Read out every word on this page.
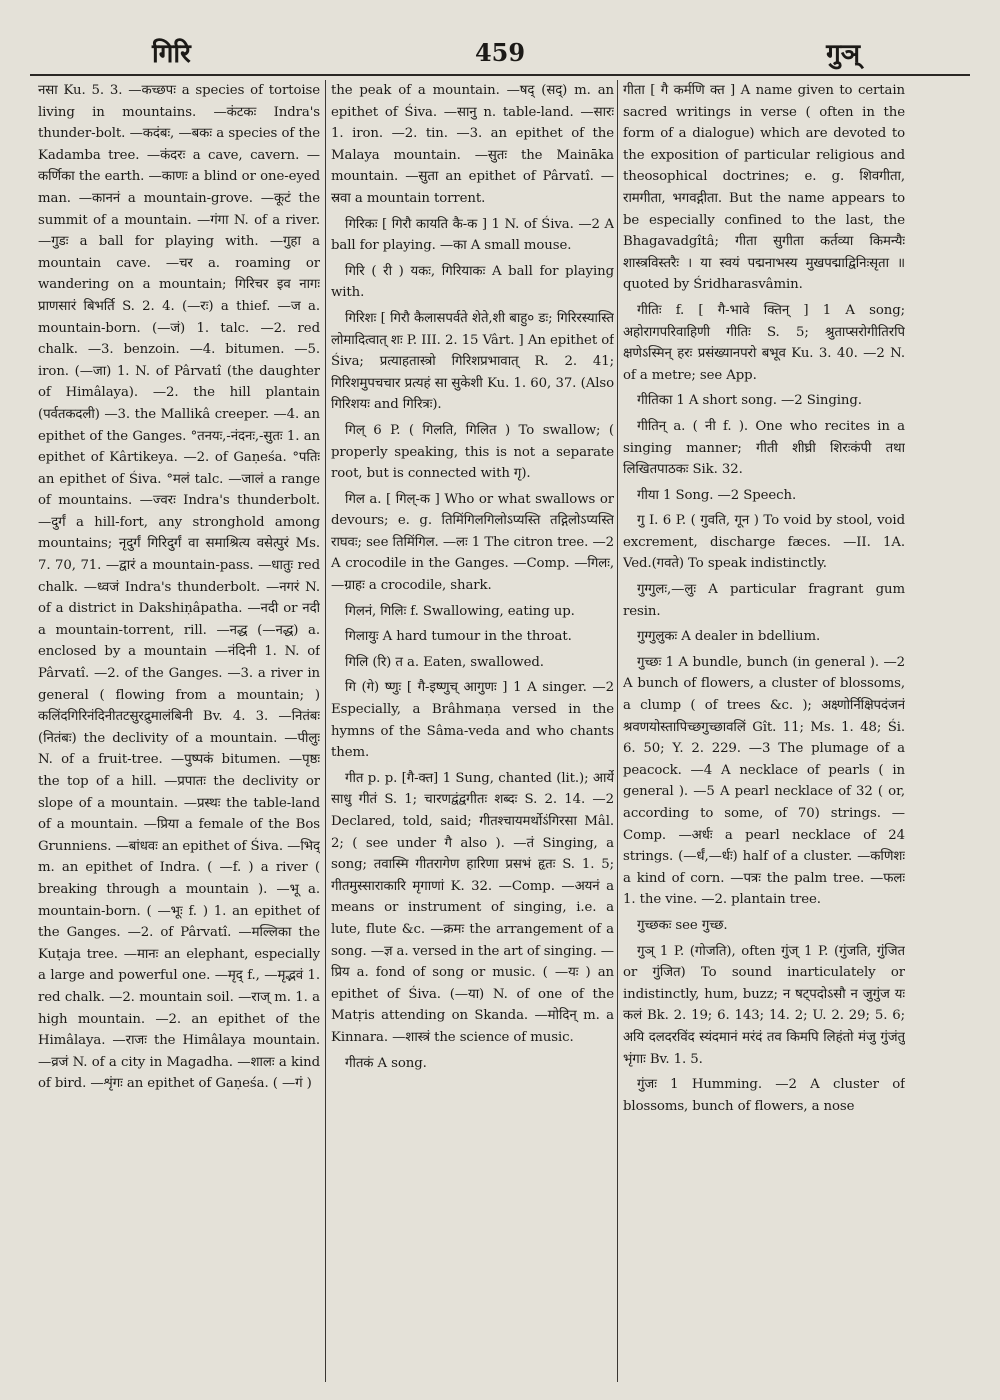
गिरि	459	गुञ्

नसा Ku. 5. 3. —कच्छपः a species of tortoise living in mountains. —कंटकः Indra's thunder-bolt. —कदंबः, —बकः a species of the Kadamba tree. —कंदरः a cave, cavern. —कर्णिका the earth. —काणः a blind or one-eyed man. —काननं a mountain-grove. —कूटं the summit of a mountain. —गंगा N. of a river. —गुडः a ball for playing with. —गुहा a mountain cave. —चर a. roaming or wandering on a mountain; गिरिचर इव नागः प्राणसारं बिभर्ति S. 2. 4. (—रः) a thief. —ज a. mountain-born. (—जं) 1. talc. —2. red chalk. —3. benzoin. —4. bitumen. —5. iron. (—जा) 1. N. of Pârvatî (the daughter of Himâlaya). —2. the hill plantain (पर्वतकदली) —3. the Mallikâ creeper. —4. an epithet of the Ganges. °तनयः,-नंदनः,-सुतः 1. an epithet of Kârtikeya. —2. of Gaṇeśa. °पतिः an epithet of Śiva. °मलं talc. —जालं a range of mountains. —ज्वरः Indra's thunderbolt. —दुर्गं a hill-fort, any stronghold among mountains; नृदुर्गं गिरिदुर्गं वा समाश्रित्य वसेत्पुरं Ms. 7. 70, 71. —द्वारं a mountain-pass. —धातुः red chalk. —ध्वजं Indra's thunderbolt. —नगरं N. of a district in Dakshiṇâpatha. —नदी or नदी a mountain-torrent, rill. —नद्ध (—नद्ध) a. enclosed by a mountain —नंदिनी 1. N. of Pârvatî. —2. of the Ganges. —3. a river in general ( flowing from a mountain; ) कलिंदगिरिनंदिनीतटसुरद्रुमालंबिनी Bv. 4. 3. —नितंबः (नितंबः) the declivity of a mountain. —पीलुः N. of a fruit-tree. —पुष्पकं bitumen. —पृष्ठः the top of a hill. —प्रपातः the declivity or slope of a mountain. —प्रस्थः the table-land of a mountain. —प्रिया a female of the Bos Grunniens. —बांधवः an epithet of Śiva. —भिद् m. an epithet of Indra. ( —f. ) a river ( breaking through a mountain ). —भू a. mountain-born. ( —भूः f. ) 1. an epithet of the Ganges. —2. of Pârvatî. —मल्लिका the Kuṭaja tree. —मानः an elephant, especially a large and powerful one. —मृद् f., —मृद्भवं 1. red chalk. —2. mountain soil. —राज् m. 1. a high mountain. —2. an epithet of the Himâlaya. —राजः the Himâlaya mountain. —व्रजं N. of a city in Magadha. —शालः a kind of bird. —शृंगः an epithet of Gaṇeśa. ( —गं )

the peak of a mountain. —षद् (सद्) m. an epithet of Śiva. —सानु n. table-land. —सारः 1. iron. —2. tin. —3. an epithet of the Malaya mountain. —सुतः the Maināka mountain. —सुता an epithet of Pârvatî. —स्रवा a mountain torrent.

गिरिकः [ गिरौ कायति कै-क ] 1 N. of Śiva. —2 A ball for playing. —का A small mouse.

गिरि ( री ) यकः, गिरियाकः A ball for playing with.

गिरिशः [ गिरौ कैलासपर्वते शेते,शी बाहु० डः; गिरिरस्यास्ति लोमादित्वात् शः P. III. 2. 15 Vârt. ] An epithet of Śiva; प्रत्याहतास्त्रो गिरिशप्रभावात् R. 2. 41; गिरिशमुपचचार प्रत्यहं सा सुकेशी Ku. 1. 60, 37. (Also गिरिशयः and गिरित्रः).

गिल् 6 P. ( गिलति, गिलित ) To swallow; ( properly speaking, this is not a separate root, but is connected with गृ).

गिल a. [ गिल्-क ] Who or what swallows or devours; e. g. तिमिंगिलगिलोऽप्यस्ति तद्गिलोऽप्यस्ति राघवः; see तिमिंगिल. —लः 1 The citron tree. —2 A crocodile in the Ganges. —Comp. —गिलः, —ग्राहः a crocodile, shark.

गिलनं, गिलिः f. Swallowing, eating up.

गिलायुः A hard tumour in the throat.

गिलि (रि) त a. Eaten, swallowed.

गि (गे) ष्णुः [ गै-इष्णुच् आगुणः ] 1 A singer. —2 Especially, a Brâhmaṇa versed in the hymns of the Sâma-veda and who chants them.

गीत p. p. [गै-क्त] 1 Sung, chanted (lit.); आर्ये साधु गीतं S. 1; चारणद्वंद्वगीतः शब्दः S. 2. 14. —2 Declared, told, said; गीतश्चायमर्थोऽंगिरसा Mâl. 2; ( see under गै also ). —तं Singing, a song; तवास्मि गीतरागेण हारिणा प्रसभं हृतः S. 1. 5; गीतमुस्साराकारि मृगाणां K. 32. —Comp. —अयनं a means or instrument of singing, i.e. a lute, flute &c. —क्रमः the arrangement of a song. —ज्ञ a. versed in the art of singing. —प्रिय a. fond of song or music. ( —यः ) an epithet of Śiva. (—या) N. of one of the Matṛis attending on Skanda. —मोदिन् m. a Kinnara. —शास्त्रं the science of music.

गीतकं A song.

गीता [ गै कर्मणि क्त ] A name given to certain sacred writings in verse ( often in the form of a dialogue) which are devoted to the exposition of particular religious and theosophical doctrines; e. g. शिवगीता, रामगीता, भगवद्गीता. But the name appears to be especially confined to the last, the Bhagavadgîtâ; गीता सुगीता कर्तव्या किमन्यैः शास्त्रविस्तरैः । या स्वयं पद्मनाभस्य मुखपद्माद्विनिःसृता ॥ quoted by Śridharasvâmin.

गीतिः f. [ गै-भावे क्तिन् ] 1 A song; अहोरागपरिवाहिणी गीतिः S. 5; श्रुताप्सरोगीतिरपि क्षणेऽस्मिन् हरः प्रसंख्यानपरो बभूव Ku. 3. 40. —2 N. of a metre; see App.

गीतिका 1 A short song. —2 Singing.

गीतिन् a. ( नी f. ). One who recites in a singing manner; गीती शीघ्री शिरःकंपी तथा लिखितपाठकः Sik. 32.

गीया 1 Song. —2 Speech.

गु I. 6 P. ( गुवति, गून ) To void by stool, void excrement, discharge fæces. —II. 1A. Ved.(गवते) To speak indistinctly.

गुग्गुलः,—लुः A particular fragrant gum resin.

गुग्गुलुकः A dealer in bdellium.

गुच्छः 1 A bundle, bunch (in general ). —2 A bunch of flowers, a cluster of blossoms, a clump ( of trees &c. ); अक्ष्णोर्निक्षिपदंजनं श्रवणयोस्तापिच्छगुच्छावलिं Gît. 11; Ms. 1. 48; Śi. 6. 50; Y. 2. 229. —3 The plumage of a peacock. —4 A necklace of pearls ( in general ). —5 A pearl necklace of 32 ( or, according to some, of 70) strings. —Comp. —अर्धः a pearl necklace of 24 strings. (—र्धं,—र्धः) half of a cluster. —कणिशः a kind of corn. —पत्रः the palm tree. —फलः 1. the vine. —2. plantain tree.

गुच्छकः see गुच्छ.

गुञ् 1 P. (गोजति), often गुंज् 1 P. (गुंजति, गुंजित or गुंजित) To sound inarticulately or indistinctly, hum, buzz; न षट्पदोऽसौ न जुगुंज यः कलं Bk. 2. 19; 6. 143; 14. 2; U. 2. 29; 5. 6; अयि दलदरविंद स्यंदमानं मरंदं तव किमपि लिहंतो मंजु गुंजंतु भृंगाः Bv. 1. 5.

गुंजः 1 Humming. —2 A cluster of blossoms, bunch of flowers, a nose
